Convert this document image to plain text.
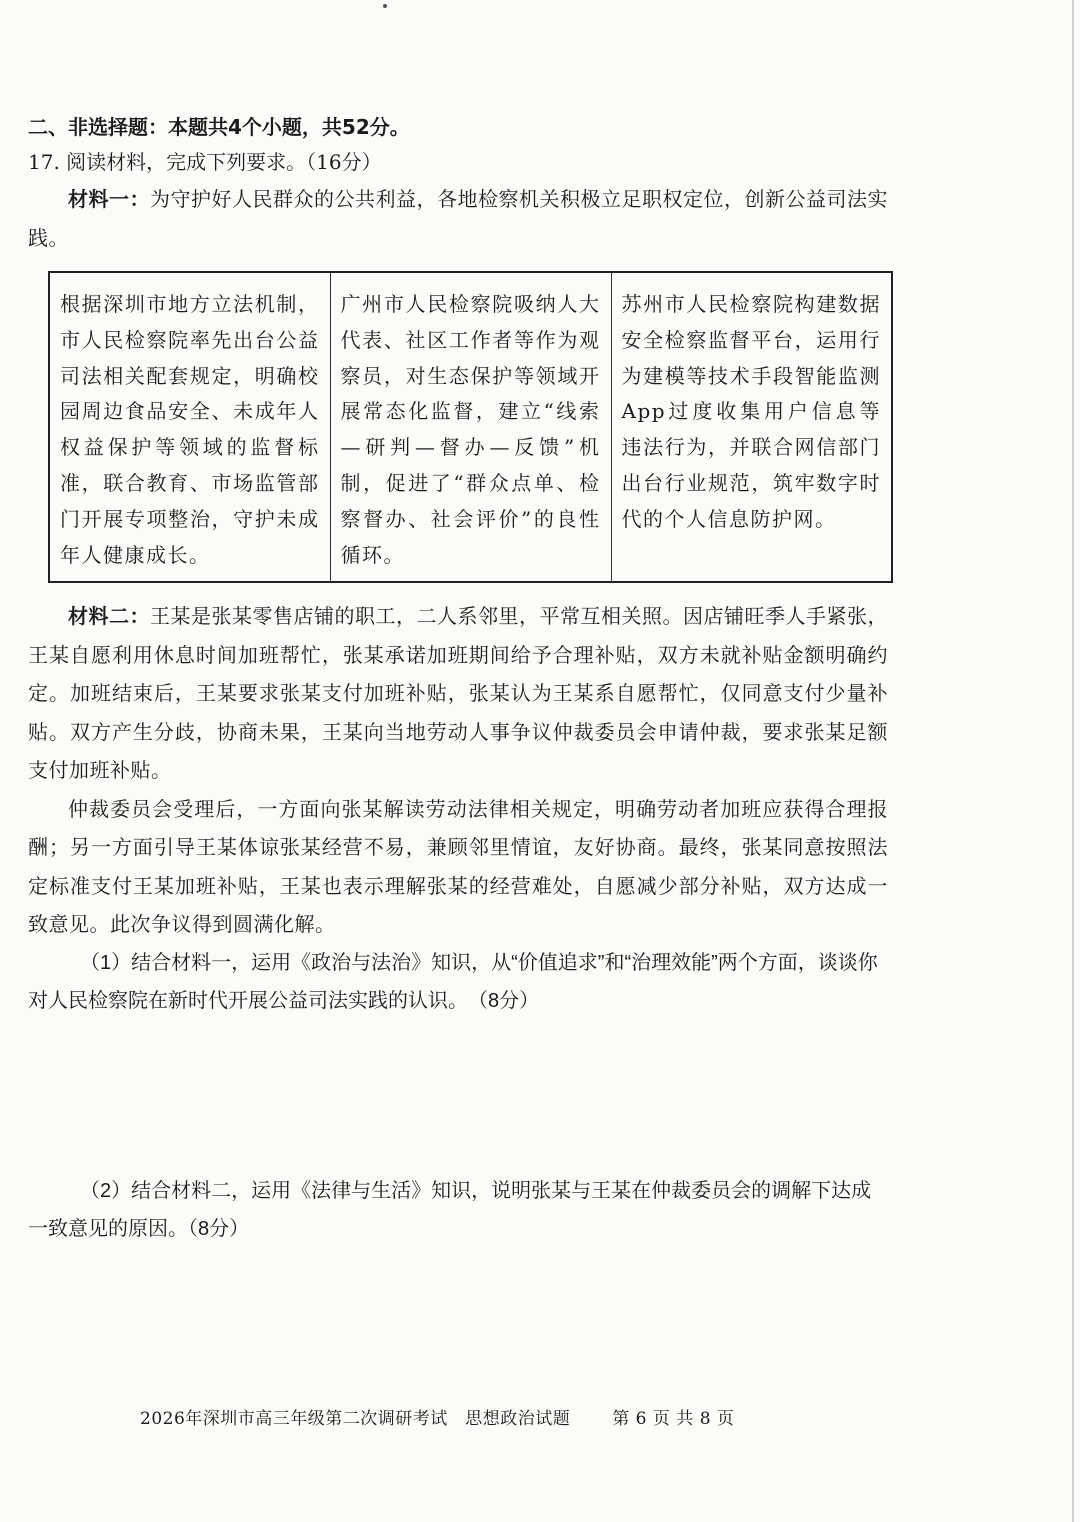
二、非选择题：本题共4个小题，共52分。

17. 阅读材料，完成下列要求。（16分）

材料一：为守护好人民群众的公共利益，各地检察机关积极立足职权定位，创新公益司法实践。

根据深圳市地方立法机制，市人民检察院率先出台公益司法相关配套规定，明确校园周边食品安全、未成年人权益保护等领域的监督标准，联合教育、市场监管部门开展专项整治，守护未成年人健康成长。	广州市人民检察院吸纳人大代表、社区工作者等作为观察员，对生态保护等领域开展常态化监督，建立“线索—研判—督办—反馈”机制，促进了“群众点单、检察督办、社会评价”的良性循环。	苏州市人民检察院构建数据安全检察监督平台，运用行为建模等技术手段智能监测App过度收集用户信息等违法行为，并联合网信部门出台行业规范，筑牢数字时代的个人信息防护网。

材料二：王某是张某零售店铺的职工，二人系邻里，平常互相关照。因店铺旺季人手紧张，王某自愿利用休息时间加班帮忙，张某承诺加班期间给予合理补贴，双方未就补贴金额明确约定。加班结束后，王某要求张某支付加班补贴，张某认为王某系自愿帮忙，仅同意支付少量补贴。双方产生分歧，协商未果，王某向当地劳动人事争议仲裁委员会申请仲裁，要求张某足额支付加班补贴。

仲裁委员会受理后，一方面向张某解读劳动法律相关规定，明确劳动者加班应获得合理报酬；另一方面引导王某体谅张某经营不易，兼顾邻里情谊，友好协商。最终，张某同意按照法定标准支付王某加班补贴，王某也表示理解张某的经营难处，自愿减少部分补贴，双方达成一致意见。此次争议得到圆满化解。

（1）结合材料一，运用《政治与法治》知识，从“价值追求”和“治理效能”两个方面，谈谈你对人民检察院在新时代开展公益司法实践的认识。　（8分）

（2）结合材料二，运用《法律与生活》知识，说明张某与王某在仲裁委员会的调解下达成一致意见的原因。（8分）

2026年深圳市高三年级第二次调研考试　思想政治试题 第 6 页 共 8 页
